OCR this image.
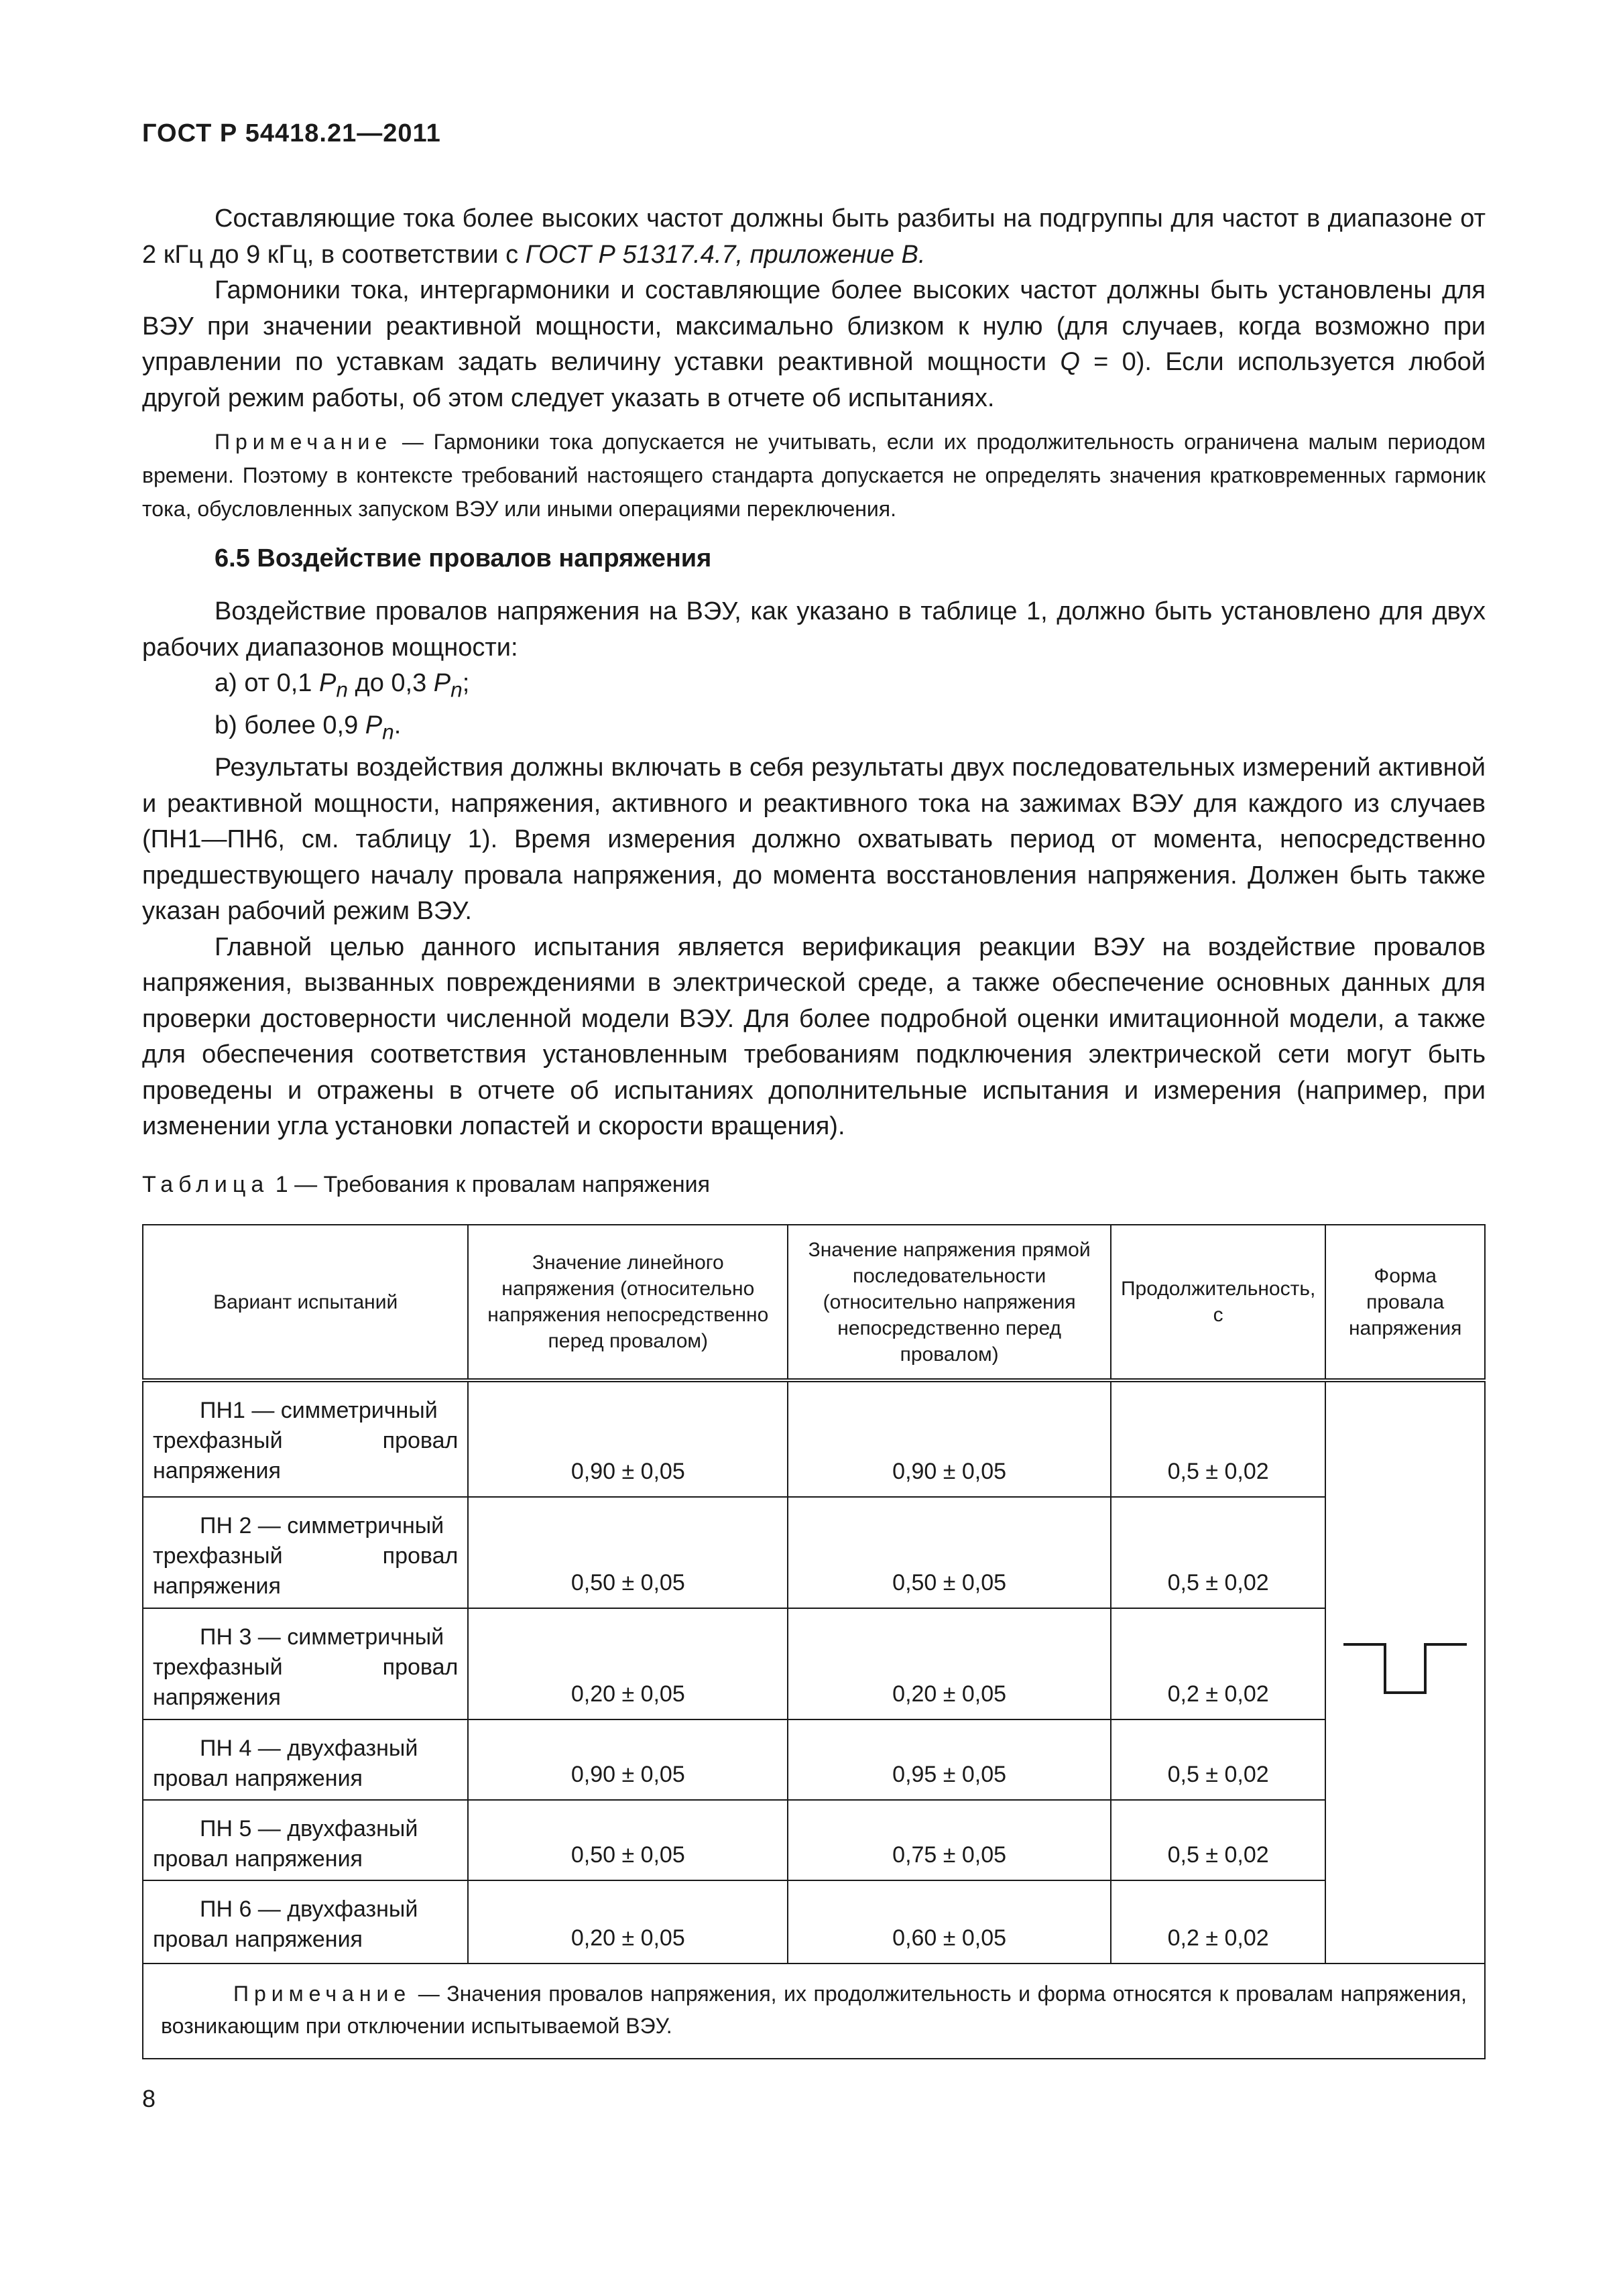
ГОСТ Р 54418.21—2011

Составляющие тока более высоких частот должны быть разбиты на подгруппы для частот в диапазоне от 2 кГц до 9 кГц, в соответствии с ГОСТ Р 51317.4.7, приложение В.

Гармоники тока, интергармоники и составляющие более высоких частот должны быть установлены для ВЭУ при значении реактивной мощности, максимально близком к нулю (для случаев, когда возможно при управлении по уставкам задать величину уставки реактивной мощности Q = 0). Если используется любой другой режим работы, об этом следует указать в отчете об испытаниях.

Примечание — Гармоники тока допускается не учитывать, если их продолжительность ограничена малым периодом времени. Поэтому в контексте требований настоящего стандарта допускается не определять значения кратковременных гармоник тока, обусловленных запуском ВЭУ или иными операциями переключения.

6.5 Воздействие провалов напряжения

Воздействие провалов напряжения на ВЭУ, как указано в таблице 1, должно быть установлено для двух рабочих диапазонов мощности:

а) от 0,1 $P_n$ до 0,3 $P_n$;

b) более 0,9 $P_n$.

Результаты воздействия должны включать в себя результаты двух последовательных измерений активной и реактивной мощности, напряжения, активного и реактивного тока на зажимах ВЭУ для каждого из случаев (ПН1—ПН6, см. таблицу 1). Время измерения должно охватывать период от момента, непосредственно предшествующего началу провала напряжения, до момента восстановления напряжения. Должен быть также указан рабочий режим ВЭУ.

Главной целью данного испытания является верификация реакции ВЭУ на воздействие провалов напряжения, вызванных повреждениями в электрической среде, а также обеспечение основных данных для проверки достоверности численной модели ВЭУ. Для более подробной оценки имитационной модели, а также для обеспечения соответствия установленным требованиям подключения электрической сети могут быть проведены и отражены в отчете об испытаниях дополнительные испытания и измерения (например, при изменении угла установки лопастей и скорости вращения).

Таблица 1 — Требования к провалам напряжения
Вариант испытаний	Значение линейного напряжения (относительно напряжения непосредственно перед провалом)	Значение напряжения прямой последовательности (относительно напряжения непосредственно перед провалом)	Продолжительность, с	Форма провала напряжения

ПН1 — симметричный
трехфазный провал напряжения	0,90 ± 0,05	0,90 ± 0,05	0,5 ± 0,02	

ПН 2 — симметричный
трехфазный провал напряжения	0,50 ± 0,05	0,50 ± 0,05	0,5 ± 0,02	

ПН 3 — симметричный
трехфазный провал напряжения	0,20 ± 0,05	0,20 ± 0,05	0,2 ± 0,02	

ПН 4 — двухфазный
провал напряжения	0,90 ± 0,05	0,95 ± 0,05	0,5 ± 0,02	

ПН 5 — двухфазный
провал напряжения	0,50 ± 0,05	0,75 ± 0,05	0,5 ± 0,02	

ПН 6 — двухфазный
провал напряжения	0,20 ± 0,05	0,60 ± 0,05	0,2 ± 0,02	
Примечание — Значения провалов напряжения, их продолжительность и форма относятся к провалам напряжения, возникающим при отключении испытываемой ВЭУ.				
8
